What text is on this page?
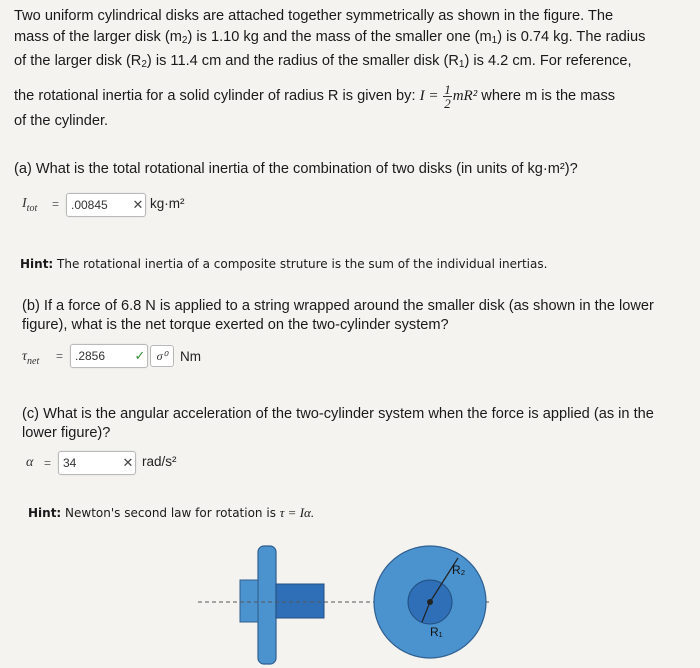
Two uniform cylindrical disks are attached together symmetrically as shown in the figure. The
mass of the larger disk $(m_2)$ is 1.10 kg and the mass of the smaller one $(m_1)$ is 0.74 kg. The radius
of the larger disk $(R_2)$ is 11.4 cm and the radius of the smaller disk $(R_1)$ is 4.2 cm. For reference,
the rotational inertia for a solid cylinder of radius R is given by:
$I = \frac{1}{2} mR^2$
where m is the mass
of the cylinder.
(a) What is the total rotational inertia of the combination of two disks (in units of kg·m²)?
$I_{tot} = .00845$	✕ kg·m²
Hint: The rotational inertia of a composite struture is the sum of the individual inertias.
(b) If a force of 6.8 N is applied to a string wrapped around the smaller disk (as shown in the lower
figure), what is the net torque exerted on the two-cylinder system?
$\tau_{net} = .2856$	✓ σ⁰ Nm
(c) What is the angular acceleration of the two-cylinder system when the force is applied (as in the
lower figure)?
α = 34	✕ rad/s²
Hint: Newton's second law for rotation is τ = Iα.
R₂
R₁
